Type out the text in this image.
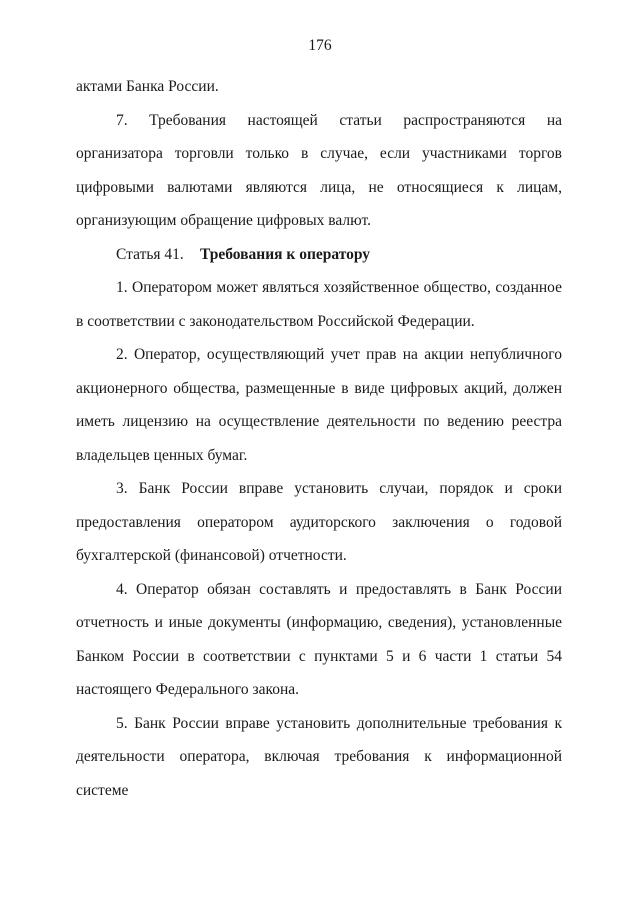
176

актами Банка России.

7. Требования настоящей статьи распространяются на организатора торговли только в случае, если участниками торгов цифровыми валютами являются лица, не относящиеся к лицам, организующим обращение цифровых валют.

Статья 41.	Требования к оператору

1. Оператором может являться хозяйственное общество, созданное в соответствии с законодательством Российской Федерации.

2. Оператор, осуществляющий учет прав на акции непубличного акционерного общества, размещенные в виде цифровых акций, должен иметь лицензию на осуществление деятельности по ведению реестра владельцев ценных бумаг.

3. Банк России вправе установить случаи, порядок и сроки предоставления оператором аудиторского заключения о годовой бухгалтерской (финансовой) отчетности.

4. Оператор обязан составлять и предоставлять в Банк России отчетность и иные документы (информацию, сведения), установленные Банком России в соответствии с пунктами 5 и 6 части 1 статьи 54 настоящего Федерального закона.

5. Банк России вправе установить дополнительные требования к деятельности оператора, включая требования к информационной системе
